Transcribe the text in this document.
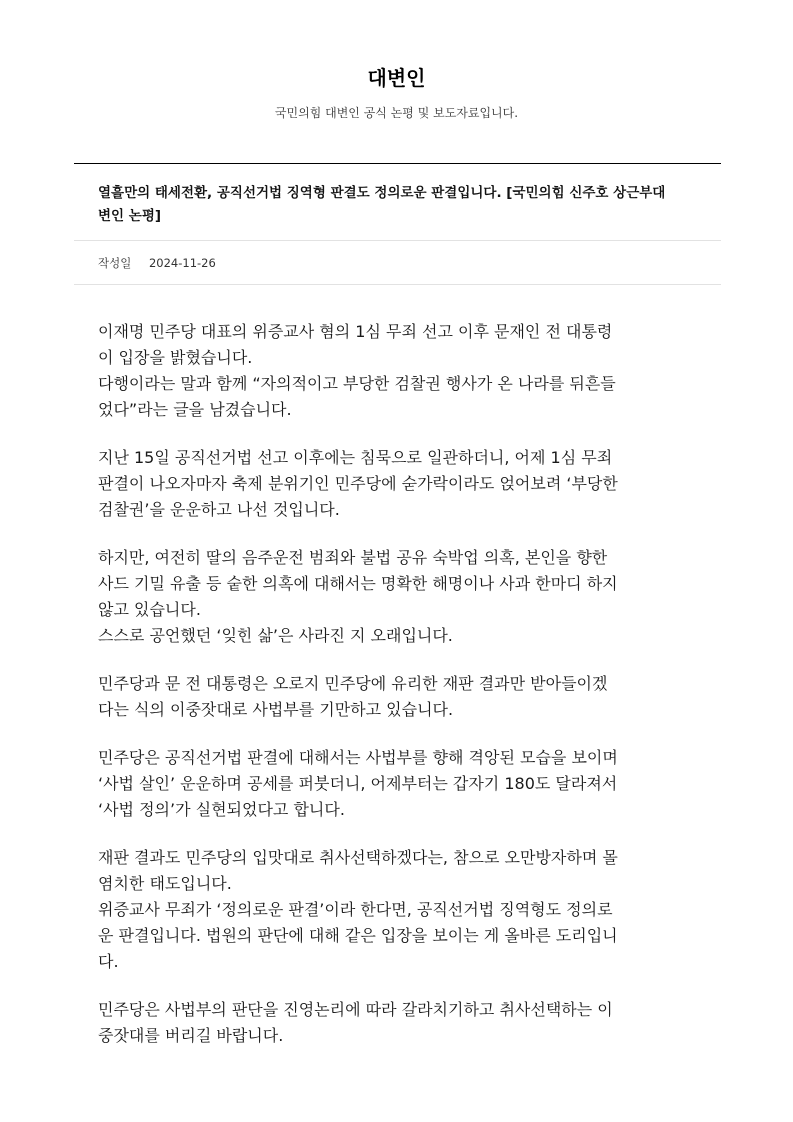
대변인

국민의힘 대변인 공식 논평 및 보도자료입니다.

열흘만의 태세전환, 공직선거법 징역형 판결도 정의로운 판결입니다. [국민의힘 신주호 상근부대
변인 논평]
작성일 2024-11-26

이재명 민주당 대표의 위증교사 혐의 1심 무죄 선고 이후 문재인 전 대통령
이 입장을 밝혔습니다.
다행이라는 말과 함께 “자의적이고 부당한 검찰권 행사가 온 나라를 뒤흔들
었다”라는 글을 남겼습니다.

지난 15일 공직선거법 선고 이후에는 침묵으로 일관하더니, 어제 1심 무죄
판결이 나오자마자 축제 분위기인 민주당에 숟가락이라도 얹어보려 ‘부당한
검찰권’을 운운하고 나선 것입니다.

하지만, 여전히 딸의 음주운전 범죄와 불법 공유 숙박업 의혹, 본인을 향한
사드 기밀 유출 등 숱한 의혹에 대해서는 명확한 해명이나 사과 한마디 하지
않고 있습니다.
스스로 공언했던 ‘잊힌 삶’은 사라진 지 오래입니다.

민주당과 문 전 대통령은 오로지 민주당에 유리한 재판 결과만 받아들이겠
다는 식의 이중잣대로 사법부를 기만하고 있습니다.

민주당은 공직선거법 판결에 대해서는 사법부를 향해 격앙된 모습을 보이며
‘사법 살인’ 운운하며 공세를 퍼붓더니, 어제부터는 갑자기 180도 달라져서
‘사법 정의’가 실현되었다고 합니다.

재판 결과도 민주당의 입맛대로 취사선택하겠다는, 참으로 오만방자하며 몰
염치한 태도입니다.
위증교사 무죄가 ‘정의로운 판결’이라 한다면, 공직선거법 징역형도 정의로
운 판결입니다. 법원의 판단에 대해 같은 입장을 보이는 게 올바른 도리입니
다.

민주당은 사법부의 판단을 진영논리에 따라 갈라치기하고 취사선택하는 이
중잣대를 버리길 바랍니다.
